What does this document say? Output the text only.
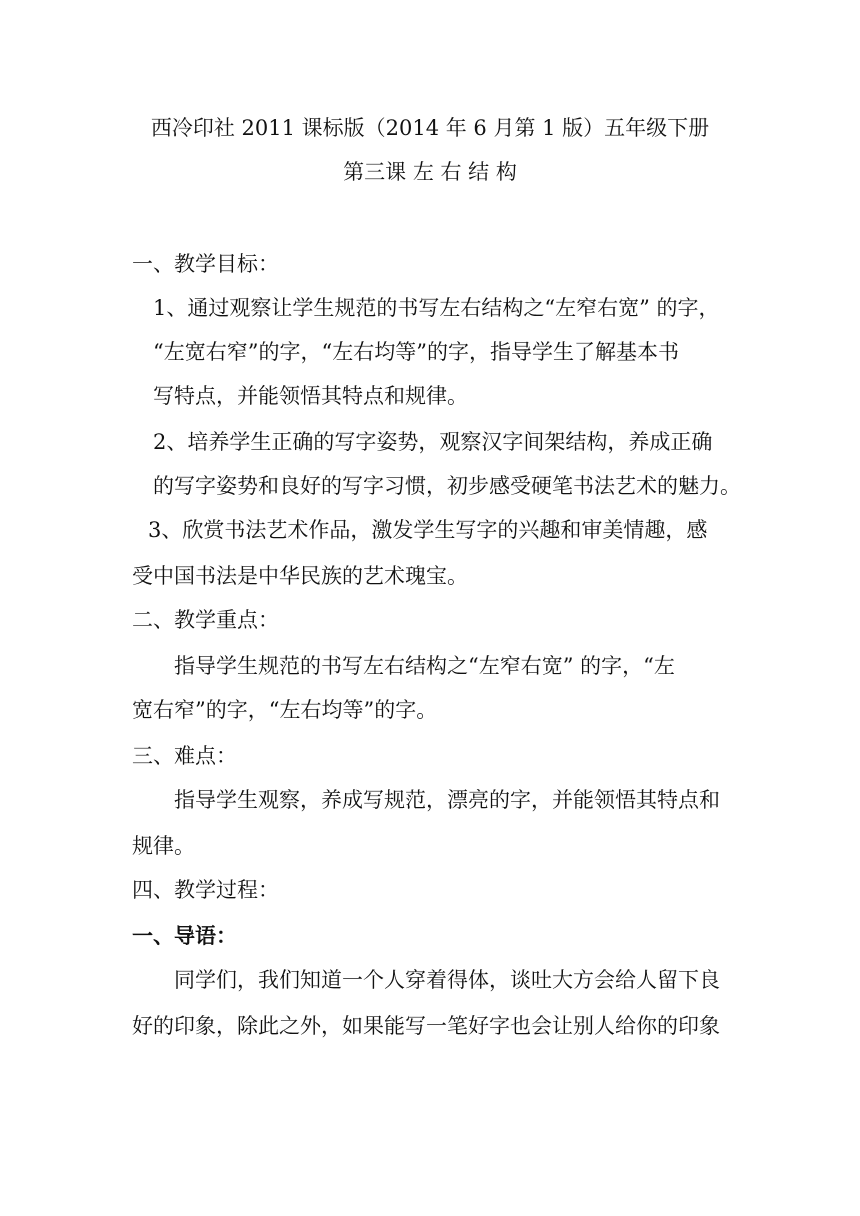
西冷印社 2011 课标版（2014 年 6 月第 1 版）五年级下册
第三课 左 右 结 构
一、教学目标：
1、通过观察让学生规范的书写左右结构之“左窄右宽” 的字，
“左宽右窄”的字，“左右均等”的字，指导学生了解基本书
写特点，并能领悟其特点和规律。
2、培养学生正确的写字姿势，观察汉字间架结构，养成正确
的写字姿势和良好的写字习惯，初步感受硬笔书法艺术的魅力。
3、欣赏书法艺术作品，激发学生写字的兴趣和审美情趣，感
受中国书法是中华民族的艺术瑰宝。
二、教学重点：
指导学生规范的书写左右结构之“左窄右宽” 的字，“左
宽右窄”的字，“左右均等”的字。
三、难点：
指导学生观察，养成写规范，漂亮的字，并能领悟其特点和
规律。
四、教学过程：
一、导语：
同学们，我们知道一个人穿着得体，谈吐大方会给人留下良
好的印象，除此之外，如果能写一笔好字也会让别人给你的印象
